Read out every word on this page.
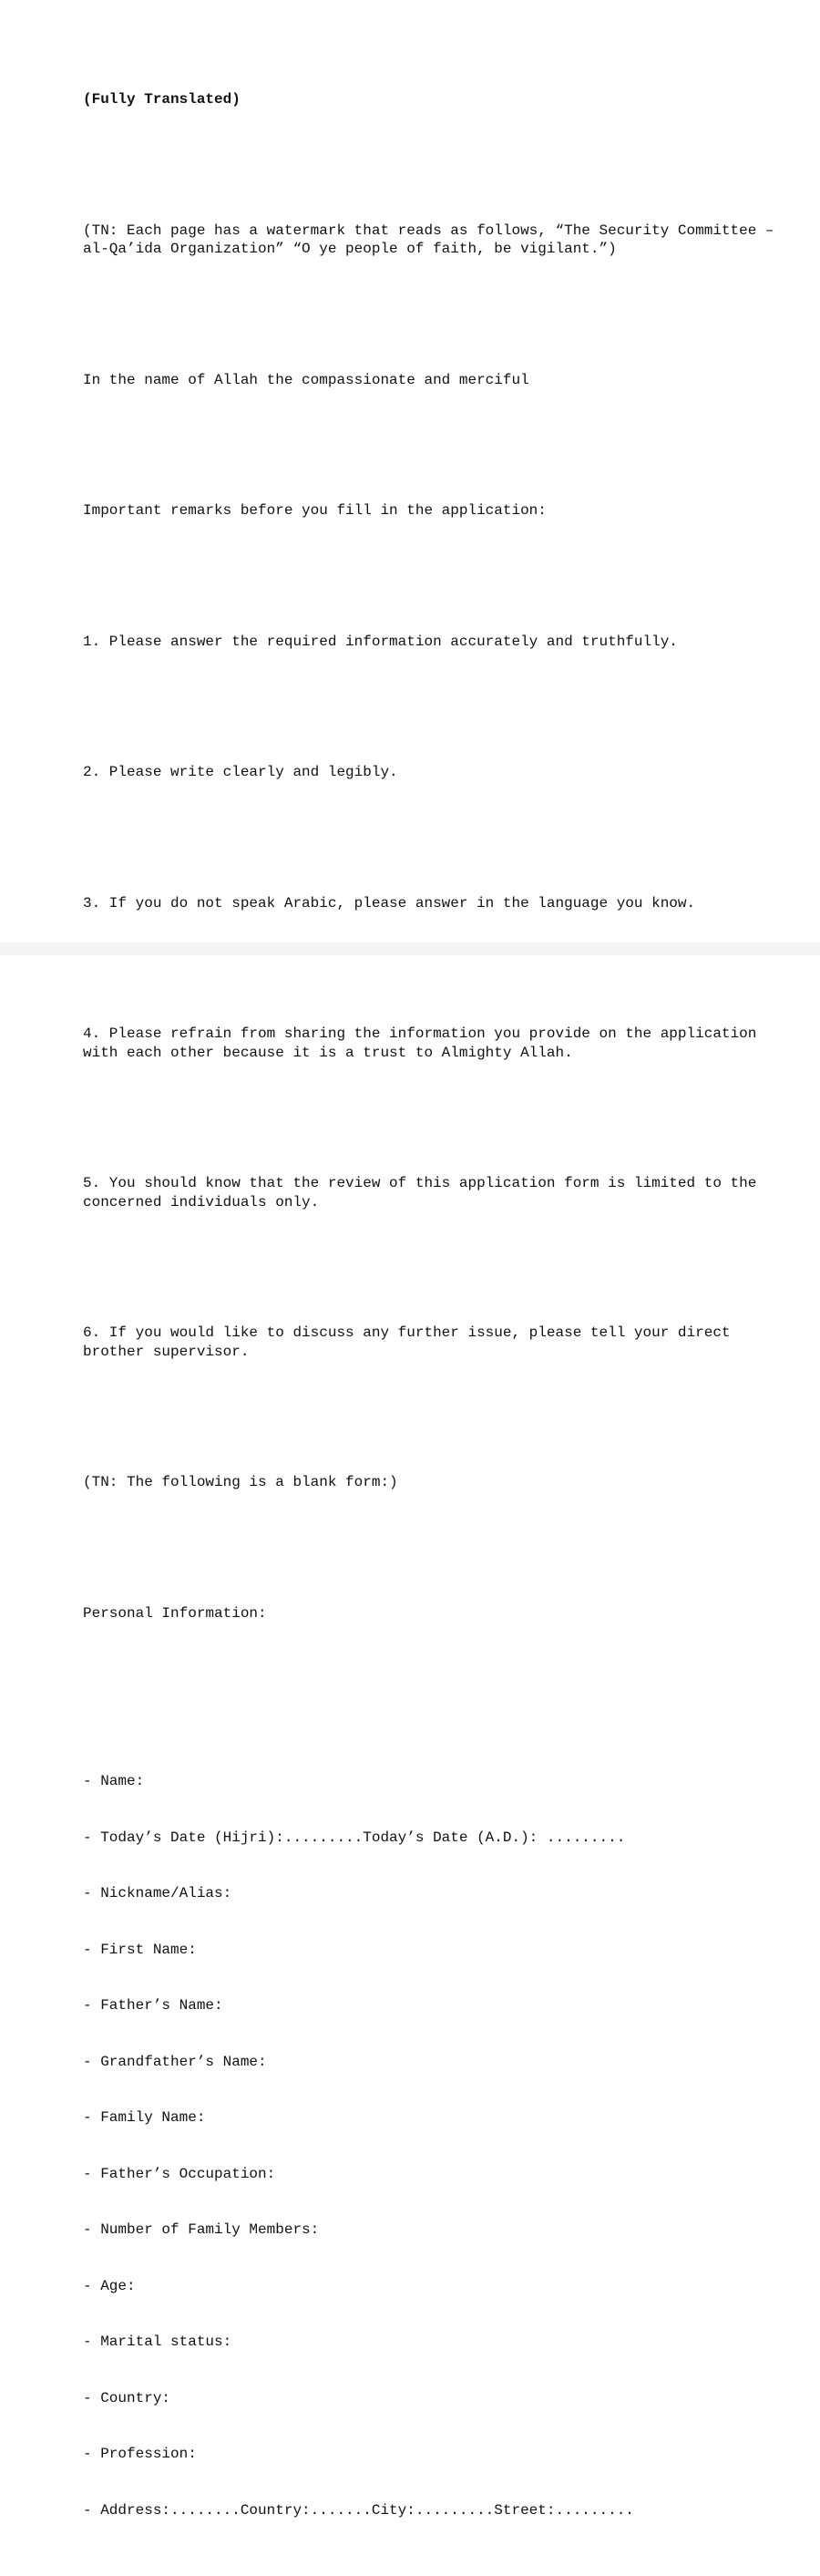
(Fully Translated)

(TN: Each page has a watermark that reads as follows, “The Security Committee – al-Qa’ida Organization” “O ye people of faith, be vigilant.”)

In the name of Allah the compassionate and merciful

Important remarks before you fill in the application:

1. Please answer the required information accurately and truthfully.

2. Please write clearly and legibly.

3. If you do not speak Arabic, please answer in the language you know.

4. Please refrain from sharing the information you provide on the application with each other because it is a trust to Almighty Allah.

5. You should know that the review of this application form is limited to the concerned individuals only.

6. If you would like to discuss any further issue, please tell your direct brother supervisor.

(TN: The following is a blank form:)

Personal Information:

- Name:

- Today’s Date (Hijri):.........Today’s Date (A.D.): .........

- Nickname/Alias:

- First Name:

- Father’s Name:

- Grandfather’s Name:

- Family Name:

- Father’s Occupation:

- Number of Family Members:

- Age:

- Marital status:

- Country:

- Profession:

- Address:........Country:.......City:.........Street:.........
